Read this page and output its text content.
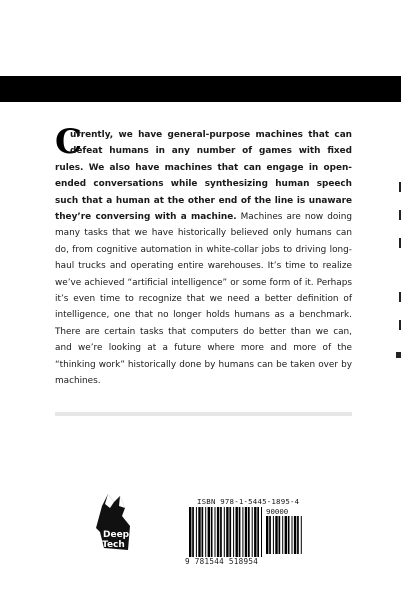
C
urrently, we have general-purpose machines that can defeat humans in any number of games with fixed rules. We also have machines that can engage in open-ended conversations while synthesizing human speech such that a human at the other end of the line is unaware they’re conversing with a machine. Machines are now doing many tasks that we have historically believed only humans can do, from cognitive automation in white-collar jobs to driving long-haul trucks and operating entire warehouses. It’s time to realize we’ve achieved “artificial intelligence” or some form of it. Perhaps it’s even time to recognize that we need a better definition of intelligence, one that no longer holds humans as a benchmark. There are certain tasks that computers do better than we can, and we’re looking at a future where more and more of the “thinking work” historically done by humans can be taken over by machines.
Deep
Tech
PRESS
ISBN 978-1-5445-1895-4
90000
9 781544 518954
